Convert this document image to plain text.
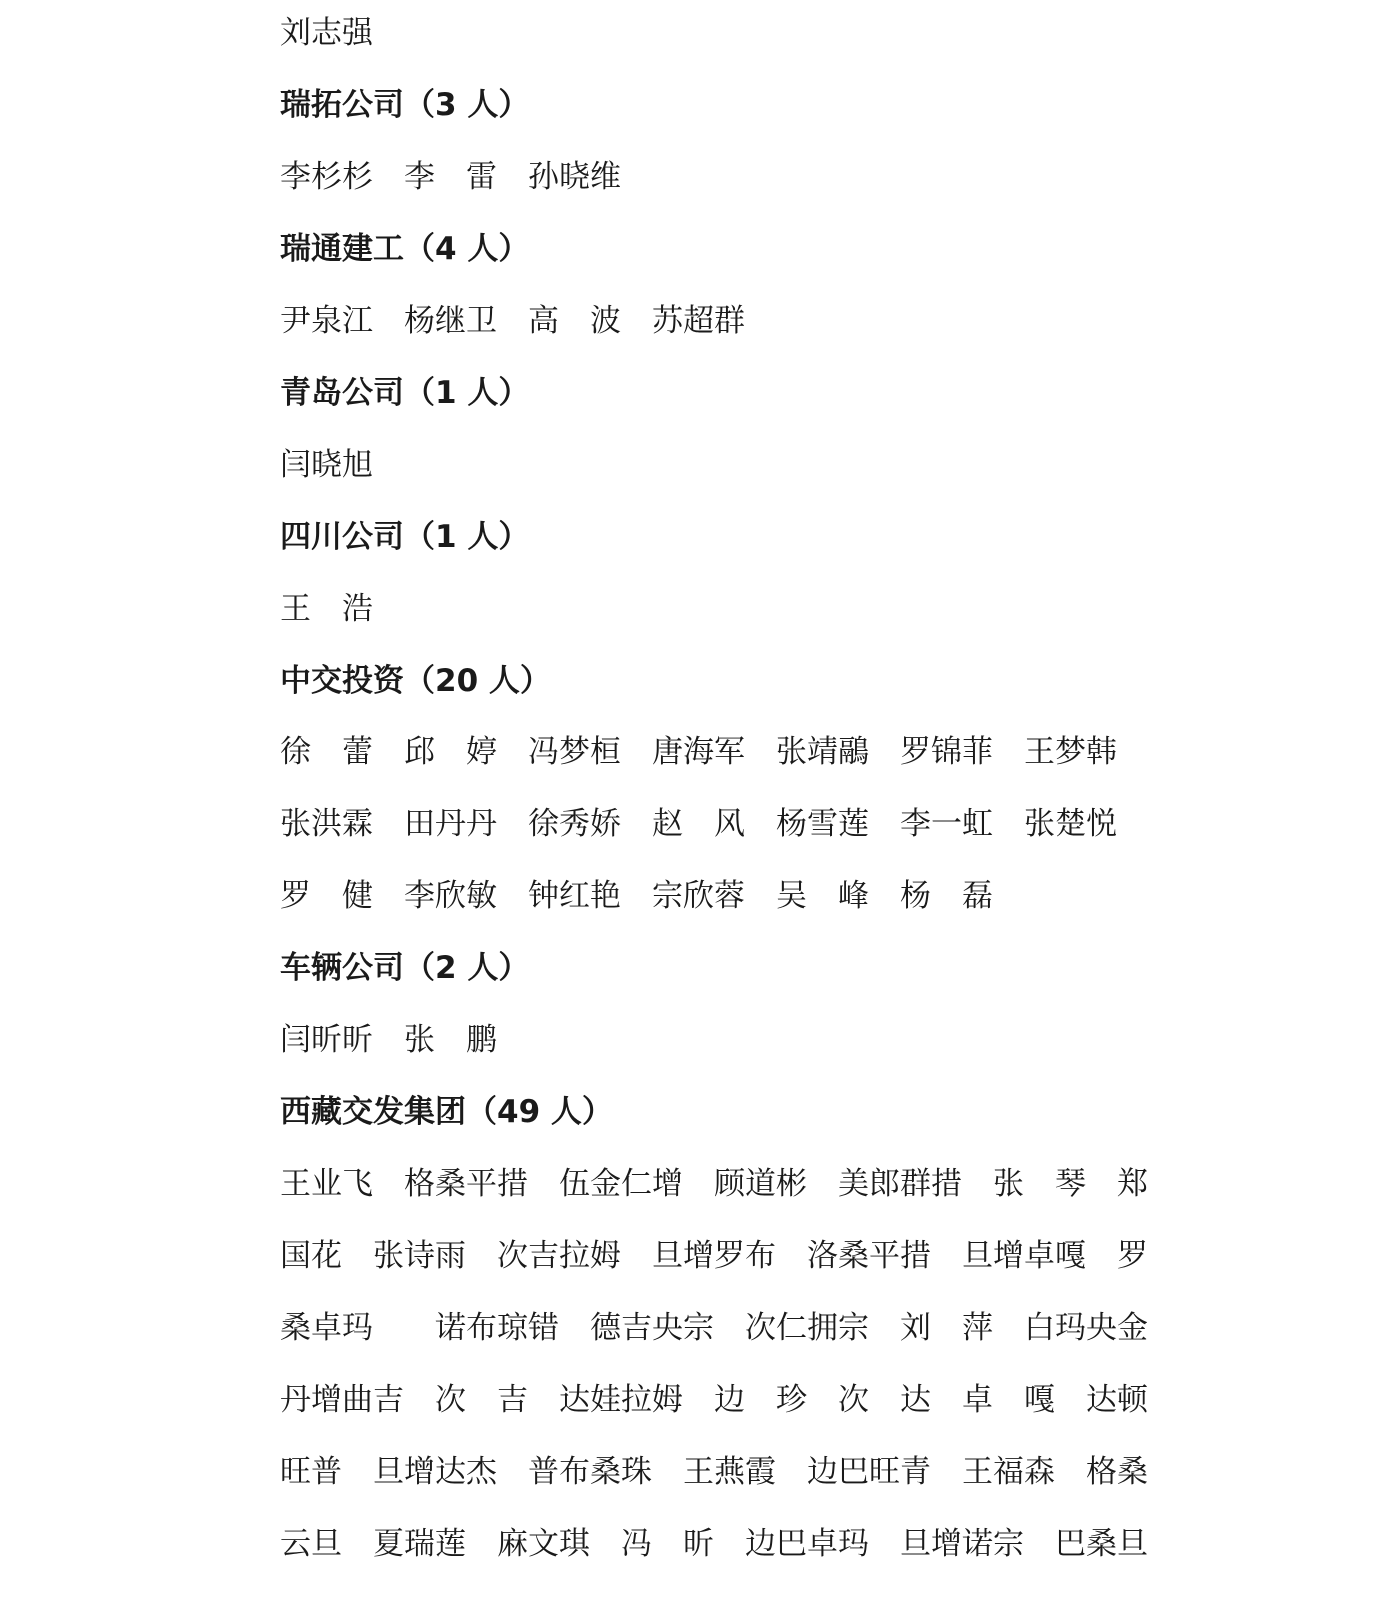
刘志强
瑞拓公司（3 人）
李杉杉　李　雷　孙晓维
瑞通建工（4 人）
尹泉江　杨继卫　高　波　苏超群
青岛公司（1 人）
闫晓旭
四川公司（1 人）
王　浩
中交投资（20 人）
徐　蕾　邱　婷　冯梦桓　唐海军　张靖鷊　罗锦菲　王梦韩
张洪霖　田丹丹　徐秀娇　赵　风　杨雪莲　李一虹　张楚悦
罗　健　李欣敏　钟红艳　宗欣蓉　吴　峰　杨　磊
车辆公司（2 人）
闫昕昕　张　鹏
西藏交发集团（49 人）
王业飞　格桑平措　伍金仁增　顾道彬　美郎群措　张　琴　郑
国花　张诗雨　次吉拉姆　旦增罗布　洛桑平措　旦增卓嘎　罗
桑卓玛　　诺布琼错　德吉央宗　次仁拥宗　刘　萍　白玛央金
丹增曲吉　次　吉　达娃拉姆　边　珍　次　达　卓　嘎　达顿
旺普　旦增达杰　普布桑珠　王燕霞　边巴旺青　王福森　格桑
云旦　夏瑞莲　麻文琪　冯　昕　边巴卓玛　旦增诺宗　巴桑旦
